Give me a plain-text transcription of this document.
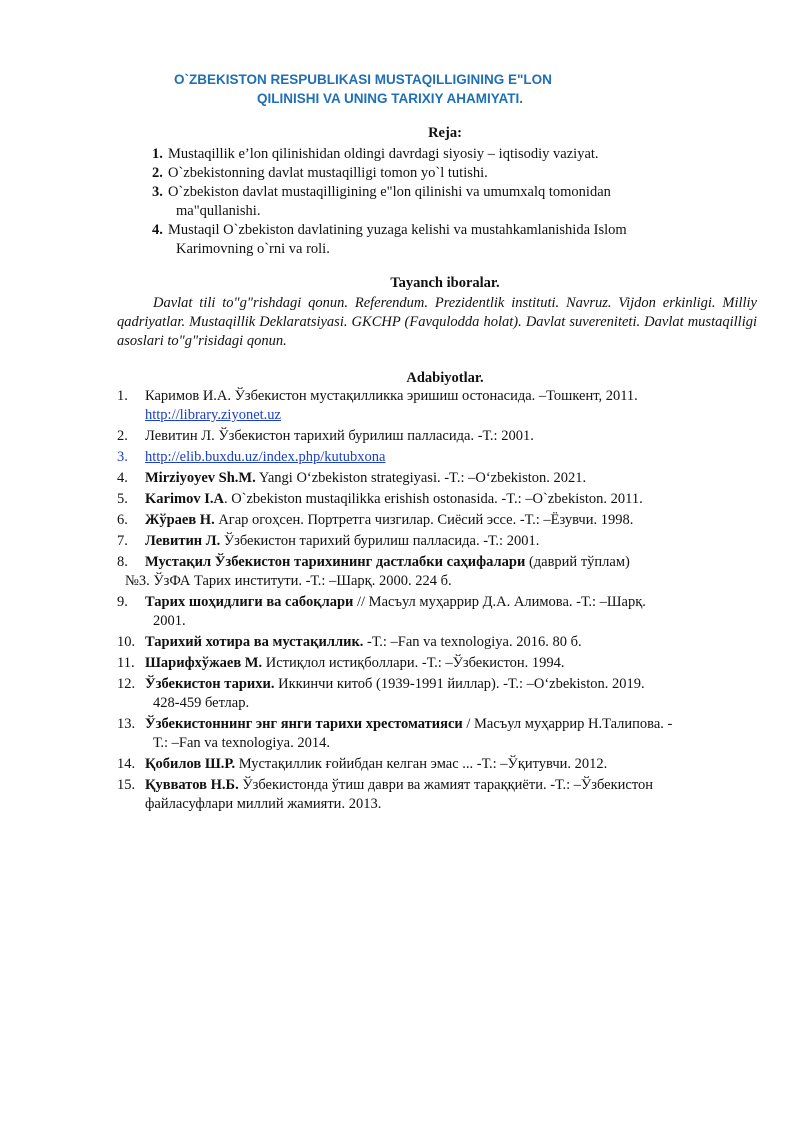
O`ZBEKISTON RESPUBLIKASI MUSTAQILLIGINING E"LON
QILINISHI VA UNING TARIXIY AHAMIYATI.
Reja:
1. Mustaqillik e’lon qilinishidan oldingi davrdagi siyosiy – iqtisodiy vaziyat.
2. O`zbekistonning davlat mustaqilligi tomon yo`l tutishi.
3. O`zbekiston davlat mustaqilligining e"lon qilinishi va umumxalq tomonidan
ma"qullanishi.
4. Mustaqil O`zbekiston davlatining yuzaga kelishi va mustahkamlanishida Islom
Karimovning o`rni va roli.
Tayanch iboralar.

Davlat tili to"g"rishdagi qonun. Referendum. Prezidentlik instituti. Navruz. Vijdon erkinligi. Milliy qadriyatlar. Mustaqillik Deklaratsiyasi. GKCHP (Favqulodda holat). Davlat suvereniteti. Davlat mustaqilligi asoslari to"g"risidagi qonun.

Adabiyotlar.
1.	Каримов И.А. Ўзбекистон мустақилликка эришиш остонасида. –Тошкент, 2011.
http://library.ziyonet.uz
2.	Левитин Л. Ўзбекистон тарихий бурилиш палласида. -Т.: 2001.
3.	http://elib.buxdu.uz/index.php/kutubxona
4.	Mirziyoyev Sh.M. Yangi O‘zbekiston strategiyasi. -T.: –O‘zbekiston. 2021.
5.	Karimov I.A. O`zbekiston mustaqilikka erishish ostonasida. -T.: –O`zbekiston. 2011.
6.	Жўраев Н. Агар огоҳсен. Портретга чизгилар. Сиёсий эссе. -Т.: –Ёзувчи. 1998.
7.	Левитин Л. Ўзбекистон тарихий бурилиш палласида. -Т.: 2001.
8.	Мустақил Ўзбекистон тарихининг дастлабки саҳифалари (даврий тўплам)
№3. ЎзФА Тарих институти. -Т.: –Шарқ. 2000. 224 б.
9.	Тарих шоҳидлиги ва сабоқлари // Масъул муҳаррир Д.А. Алимова. -Т.: –Шарқ.
2001.
10. Тарихий хотира ва мустақиллик. -Т.: –Fan va texnologiya. 2016. 80 б.
11. Шарифхўжаев М. Истиқлол истиқболлари. -Т.: –Ўзбекистон. 1994.
12. Ўзбекистон тарихи. Иккинчи китоб (1939-1991 йиллар). -Т.: –O‘zbekiston. 2019.
428-459 бетлар.
13. Ўзбекистоннинг энг янги тарихи хрестоматияси / Масъул муҳаррир Н.Талипова. -
Т.: –Fan va texnologiya. 2014.
14. Қобилов Ш.Р. Мустақиллик ғойибдан келган эмас ... -Т.: –Ўқитувчи. 2012.
15. Қувватов Н.Б. Ўзбекистонда ўтиш даври ва жамият тараққиёти. -Т.: –Ўзбекистон
файласуфлари миллий жамияти. 2013.
